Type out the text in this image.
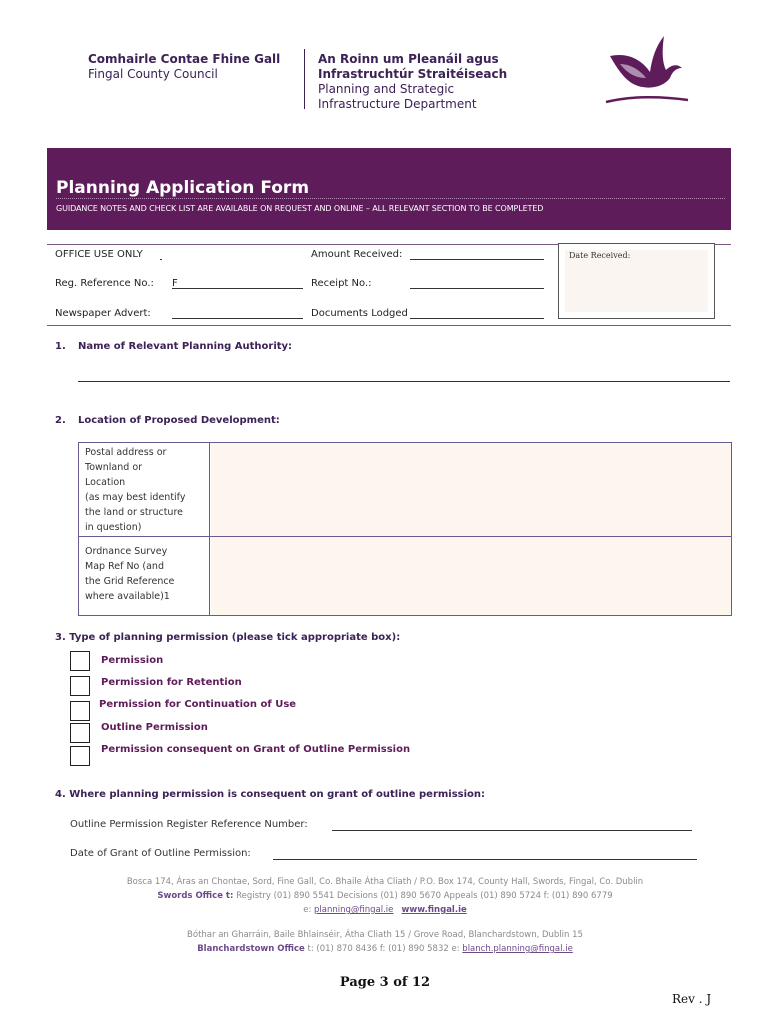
Comhairle Contae Fhine Gall
Fingal County Council
An Roinn um Pleanáil agus
Infrastruchtúr Straitéiseach
Planning and Strategic
Infrastructure Department
Planning Application Form
GUIDANCE NOTES AND CHECK LIST ARE AVAILABLE ON REQUEST AND ONLINE – ALL RELEVANT SECTION TO BE COMPLETED
OFFICE USE ONLY	Amount Received:
Reg. Reference No.: F	Receipt No.:
Newspaper Advert:	Documents Lodged
Date Received:
1. Name of Relevant Planning Authority:
2. Location of Proposed Development:
Postal address or
Townland or
Location
(as may best identify
the land or structure
in question)
Ordnance Survey
Map Ref No (and
the Grid Reference
where available)1
3. Type of planning permission (please tick appropriate box):
Permission
Permission for Retention
Permission for Continuation of Use
Outline Permission
Permission consequent on Grant of Outline Permission
4. Where planning permission is consequent on grant of outline permission:
Outline Permission Register Reference Number:
Date of Grant of Outline Permission:
Bosca 174, Áras an Chontae, Sord, Fine Gall, Co. Bhaile Átha Cliath / P.O. Box 174, County Hall, Swords, Fingal, Co. Dublin
Swords Office t: Registry (01) 890 5541 Decisions (01) 890 5670 Appeals (01) 890 5724 f: (01) 890 6779
e: planning@fingal.ie www.fingal.ie
Bóthar an Gharráin, Baile Bhlainséir, Átha Cliath 15 / Grove Road, Blanchardstown, Dublin 15
Blanchardstown Office t: (01) 870 8436 f: (01) 890 5832 e: blanch.planning@fingal.ie
Page 3 of 12
Rev . J
